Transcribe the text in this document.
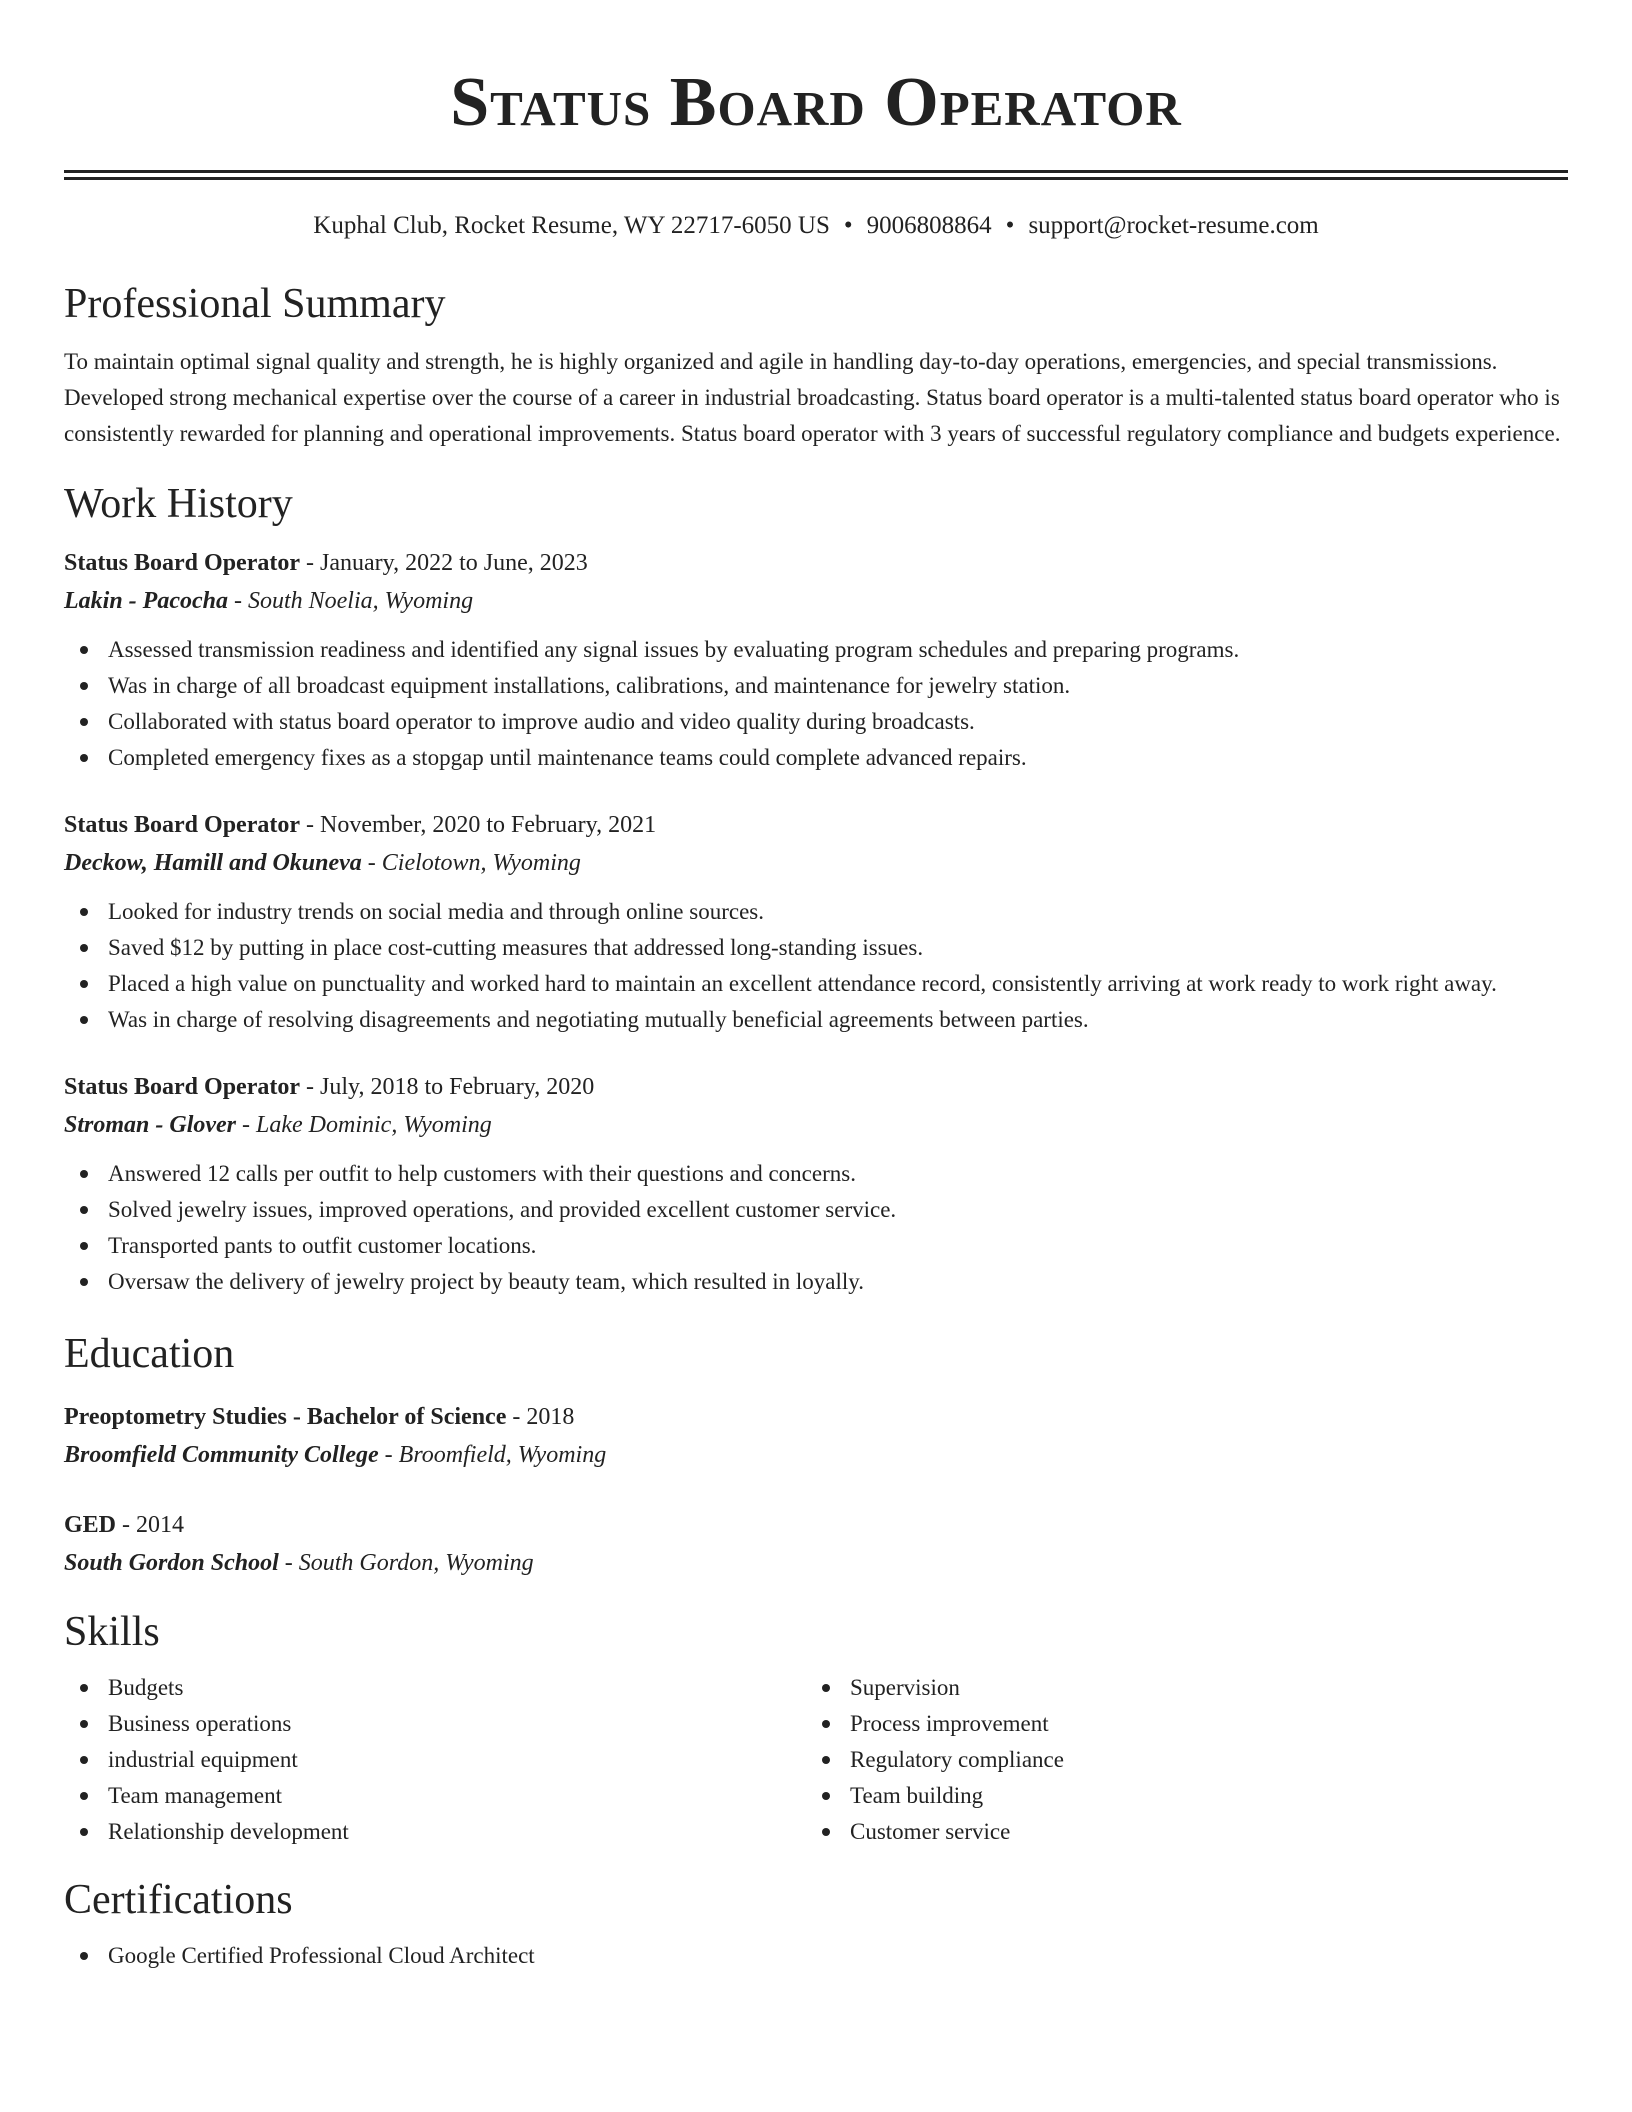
Status Board Operator
Kuphal Club, Rocket Resume, WY 22717-6050 US • 9006808864 • support@rocket-resume.com
Professional Summary
To maintain optimal signal quality and strength, he is highly organized and agile in handling day-to-day operations, emergencies, and special transmissions. Developed strong mechanical expertise over the course of a career in industrial broadcasting. Status board operator is a multi-talented status board operator who is consistently rewarded for planning and operational improvements. Status board operator with 3 years of successful regulatory compliance and budgets experience.
Work History
Status Board Operator - January, 2022 to June, 2023
Lakin - Pacocha - South Noelia, Wyoming
Assessed transmission readiness and identified any signal issues by evaluating program schedules and preparing programs.
Was in charge of all broadcast equipment installations, calibrations, and maintenance for jewelry station.
Collaborated with status board operator to improve audio and video quality during broadcasts.
Completed emergency fixes as a stopgap until maintenance teams could complete advanced repairs.
Status Board Operator - November, 2020 to February, 2021
Deckow, Hamill and Okuneva - Cielotown, Wyoming
Looked for industry trends on social media and through online sources.
Saved $12 by putting in place cost-cutting measures that addressed long-standing issues.
Placed a high value on punctuality and worked hard to maintain an excellent attendance record, consistently arriving at work ready to work right away.
Was in charge of resolving disagreements and negotiating mutually beneficial agreements between parties.
Status Board Operator - July, 2018 to February, 2020
Stroman - Glover - Lake Dominic, Wyoming
Answered 12 calls per outfit to help customers with their questions and concerns.
Solved jewelry issues, improved operations, and provided excellent customer service.
Transported pants to outfit customer locations.
Oversaw the delivery of jewelry project by beauty team, which resulted in loyally.
Education
Preoptometry Studies - Bachelor of Science - 2018
Broomfield Community College - Broomfield, Wyoming
GED - 2014
South Gordon School - South Gordon, Wyoming
Skills
Budgets
Business operations
industrial equipment
Team management
Relationship development
Supervision
Process improvement
Regulatory compliance
Team building
Customer service
Certifications
Google Certified Professional Cloud Architect
